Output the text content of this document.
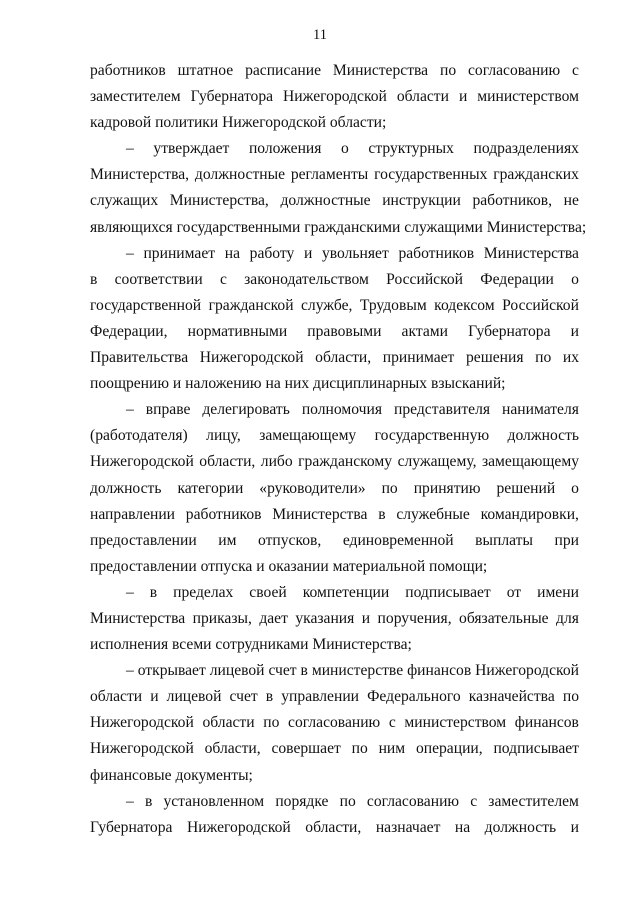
11
работников штатное расписание Министерства по согласованию с
заместителем Губернатора Нижегородской области и министерством
кадровой политики Нижегородской области;
– утверждает положения о структурных подразделениях
Министерства, должностные регламенты государственных гражданских
служащих Министерства, должностные инструкции работников, не
являющихся государственными гражданскими служащими Министерства;
– принимает на работу и увольняет работников Министерства
в соответствии с законодательством Российской Федерации о
государственной гражданской службе, Трудовым кодексом Российской
Федерации, нормативными правовыми актами Губернатора и
Правительства Нижегородской области, принимает решения по их
поощрению и наложению на них дисциплинарных взысканий;
– вправе делегировать полномочия представителя нанимателя
(работодателя) лицу, замещающему государственную должность
Нижегородской области, либо гражданскому служащему, замещающему
должность категории «руководители» по принятию решений о
направлении работников Министерства в служебные командировки,
предоставлении им отпусков, единовременной выплаты при
предоставлении отпуска и оказании материальной помощи;
– в пределах своей компетенции подписывает от имени
Министерства приказы, дает указания и поручения, обязательные для
исполнения всеми сотрудниками Министерства;
– открывает лицевой счет в министерстве финансов Нижегородской
области и лицевой счет в управлении Федерального казначейства по
Нижегородской области по согласованию с министерством финансов
Нижегородской области, совершает по ним операции, подписывает
финансовые документы;
– в установленном порядке по согласованию с заместителем
Губернатора Нижегородской области, назначает на должность и
